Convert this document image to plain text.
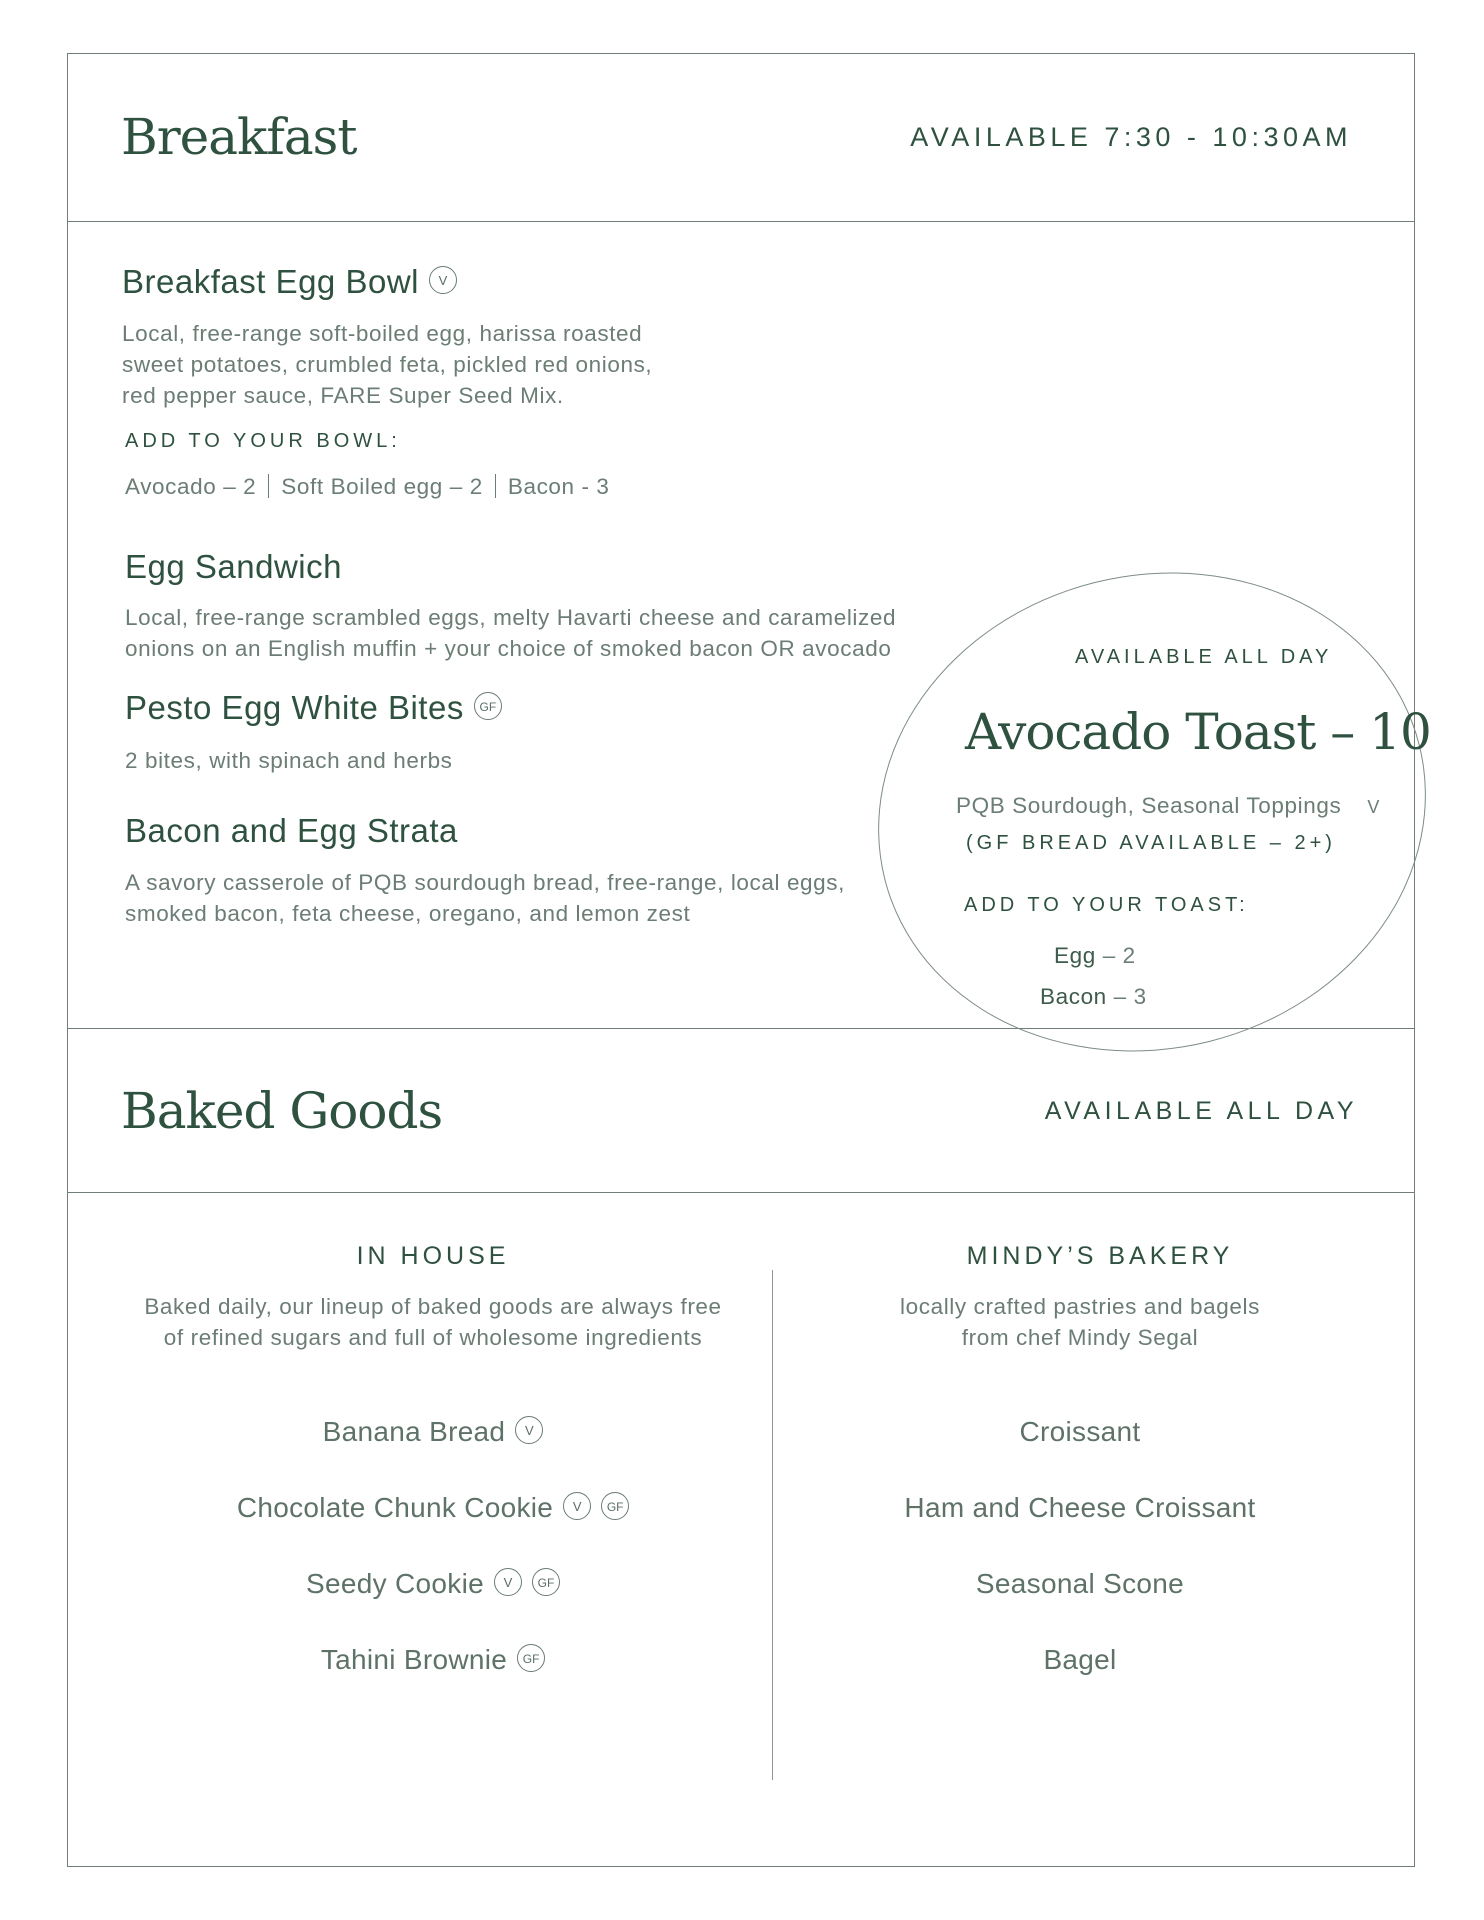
Breakfast	AVAILABLE 7:30 - 10:30AM
Breakfast Egg Bowl V
Local, free-range soft-boiled egg, harissa roasted
sweet potatoes, crumbled feta, pickled red onions,
red pepper sauce, FARE Super Seed Mix.
ADD TO YOUR BOWL:
Avocado – 2 Soft Boiled egg – 2 Bacon - 3
Egg Sandwich
Local, free-range scrambled eggs, melty Havarti cheese and caramelized
onions on an English muffin + your choice of smoked bacon OR avocado
Pesto Egg White Bites GF
2 bites, with spinach and herbs
Bacon and Egg Strata
A savory casserole of PQB sourdough bread, free-range, local eggs,
smoked bacon, feta cheese, oregano, and lemon zest
AVAILABLE ALL DAY
Avocado Toast – 10
PQB Sourdough, Seasonal Toppings V
(GF BREAD AVAILABLE – 2+)
ADD TO YOUR TOAST:
Egg – 2
Bacon – 3
Baked Goods	AVAILABLE ALL DAY
IN HOUSE
Baked daily, our lineup of baked goods are always free
of refined sugars and full of wholesome ingredients
Banana Bread V
Chocolate Chunk Cookie V GF
Seedy Cookie V GF
Tahini Brownie GF
MINDY’S BAKERY
locally crafted pastries and bagels
from chef Mindy Segal
Croissant
Ham and Cheese Croissant
Seasonal Scone
Bagel
